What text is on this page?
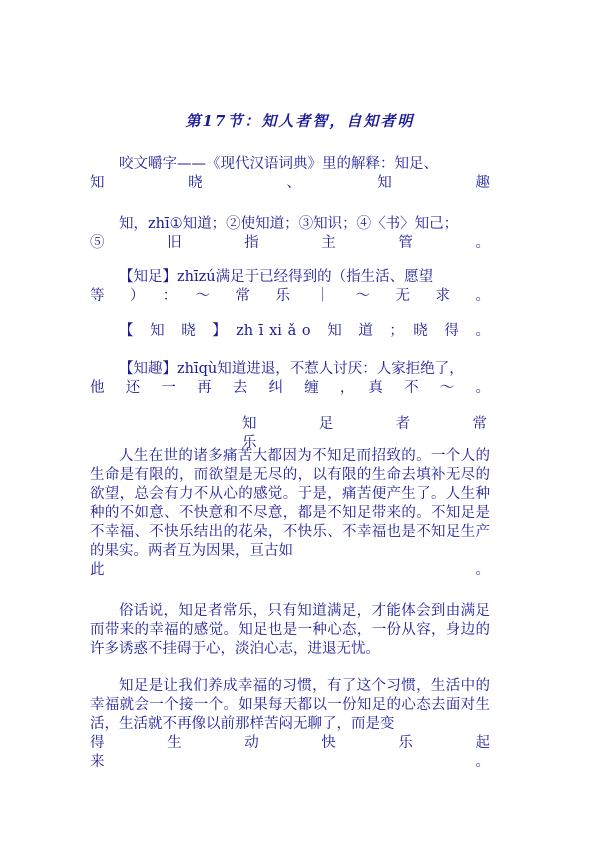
第17节：知人者智，自知者明
咬文嚼字——《现代汉语词典》里的解释：知足、
知　　　晓　　　、　　　知　　　趣
知，zhī①知道；②使知道；③知识；④〈书〉知己；
⑤　　　旧　　　指　　　主　　　管　　　。
【知足】zhīzú满足于已经得到的（指生活、愿望
等　）　：　～　常　乐　｜　～　无　求　。
【　知　晓　】　zh ī xi ǎ o　知　道　；　晓　得　。
【知趣】zhīqù知道进退，不惹人讨厌：人家拒绝了，
他　还　一　再　去　纠　缠　，　真　不　～　。
知　　　　足　　　　者　　　　常　　　　乐
人生在世的诸多痛苦大都因为不知足而招致的。一个人的生命是有限的，而欲望是无尽的，以有限的生命去填补无尽的欲望，总会有力不从心的感觉。于是，痛苦便产生了。人生种种的不如意、不快意和不尽意，都是不知足带来的。不知足是不幸福、不快乐结出的花朵，不快乐、不幸福也是不知足生产的果实。两者互为因果，亘古如
此　　　　　　　　　　　　　　　　　　　　　。
俗话说，知足者常乐，只有知道满足，才能体会到由满足而带来的幸福的感觉。知足也是一种心态，一份从容，身边的许多诱惑不挂碍于心，淡泊心志，进退无忧。
知足是让我们养成幸福的习惯，有了这个习惯，生活中的幸福就会一个接一个。如果每天都以一份知足的心态去面对生活，生活就不再像以前那样苦闷无聊了，而是变
得　　　生　　　动　　　快　　　乐　　　起　　　来　　　。
